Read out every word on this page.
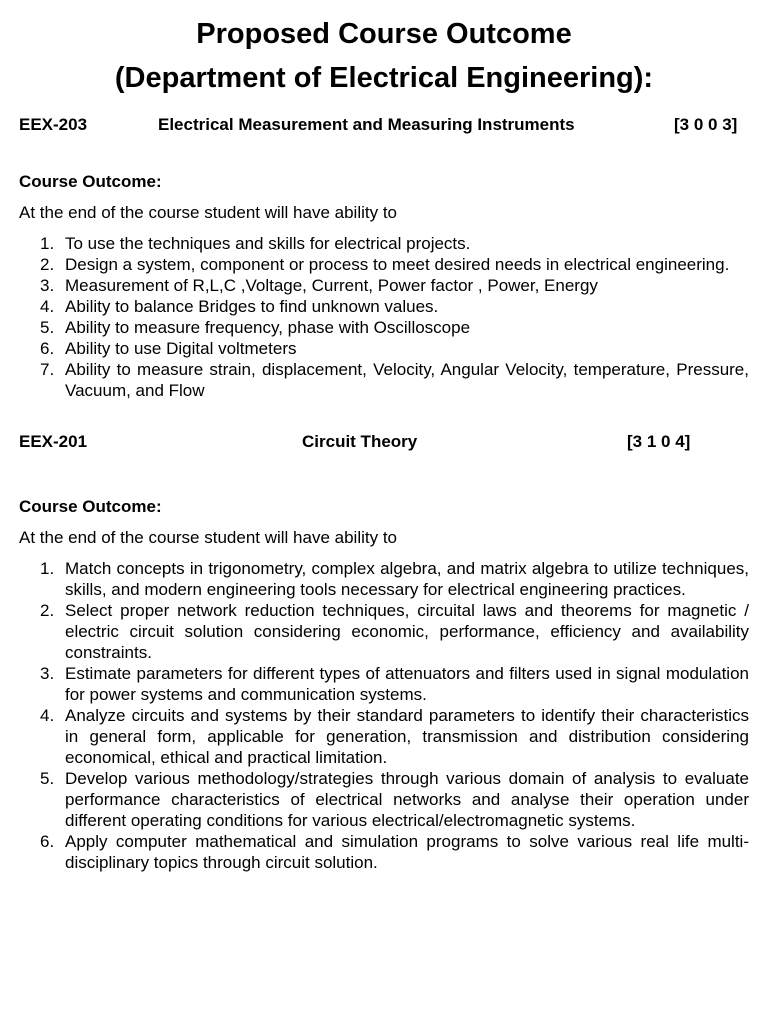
Proposed Course Outcome
(Department of Electrical Engineering):
EEX-203	Electrical Measurement and Measuring Instruments	[3 0 0 3]

Course Outcome:

At the end of the course student will have ability to

1. To use the techniques and skills for electrical projects.
2. Design a system, component or process to meet desired needs in electrical engineering.
3. Measurement of R,L,C ,Voltage, Current, Power factor , Power, Energy
4. Ability to balance Bridges to find unknown values.
5. Ability to measure frequency, phase with Oscilloscope
6. Ability to use Digital voltmeters
7. Ability to measure strain, displacement, Velocity, Angular Velocity, temperature, Pressure, Vacuum, and Flow
EEX-201	Circuit Theory	[3 1 0 4]

Course Outcome:

At the end of the course student will have ability to

1. Match concepts in trigonometry, complex algebra, and matrix algebra to utilize techniques, skills, and modern engineering tools necessary for electrical engineering practices.
2. Select proper network reduction techniques, circuital laws and theorems for magnetic / electric circuit solution considering economic, performance, efficiency and availability constraints.
3. Estimate parameters for different types of attenuators and filters used in signal modulation for power systems and communication systems.
4. Analyze circuits and systems by their standard parameters to identify their characteristics in general form, applicable for generation, transmission and distribution considering economical, ethical and practical limitation.
5. Develop various methodology/strategies through various domain of analysis to evaluate performance characteristics of electrical networks and analyse their operation under different operating conditions for various electrical/electromagnetic systems.
6. Apply computer mathematical and simulation programs to solve various real life multi-disciplinary topics through circuit solution.
